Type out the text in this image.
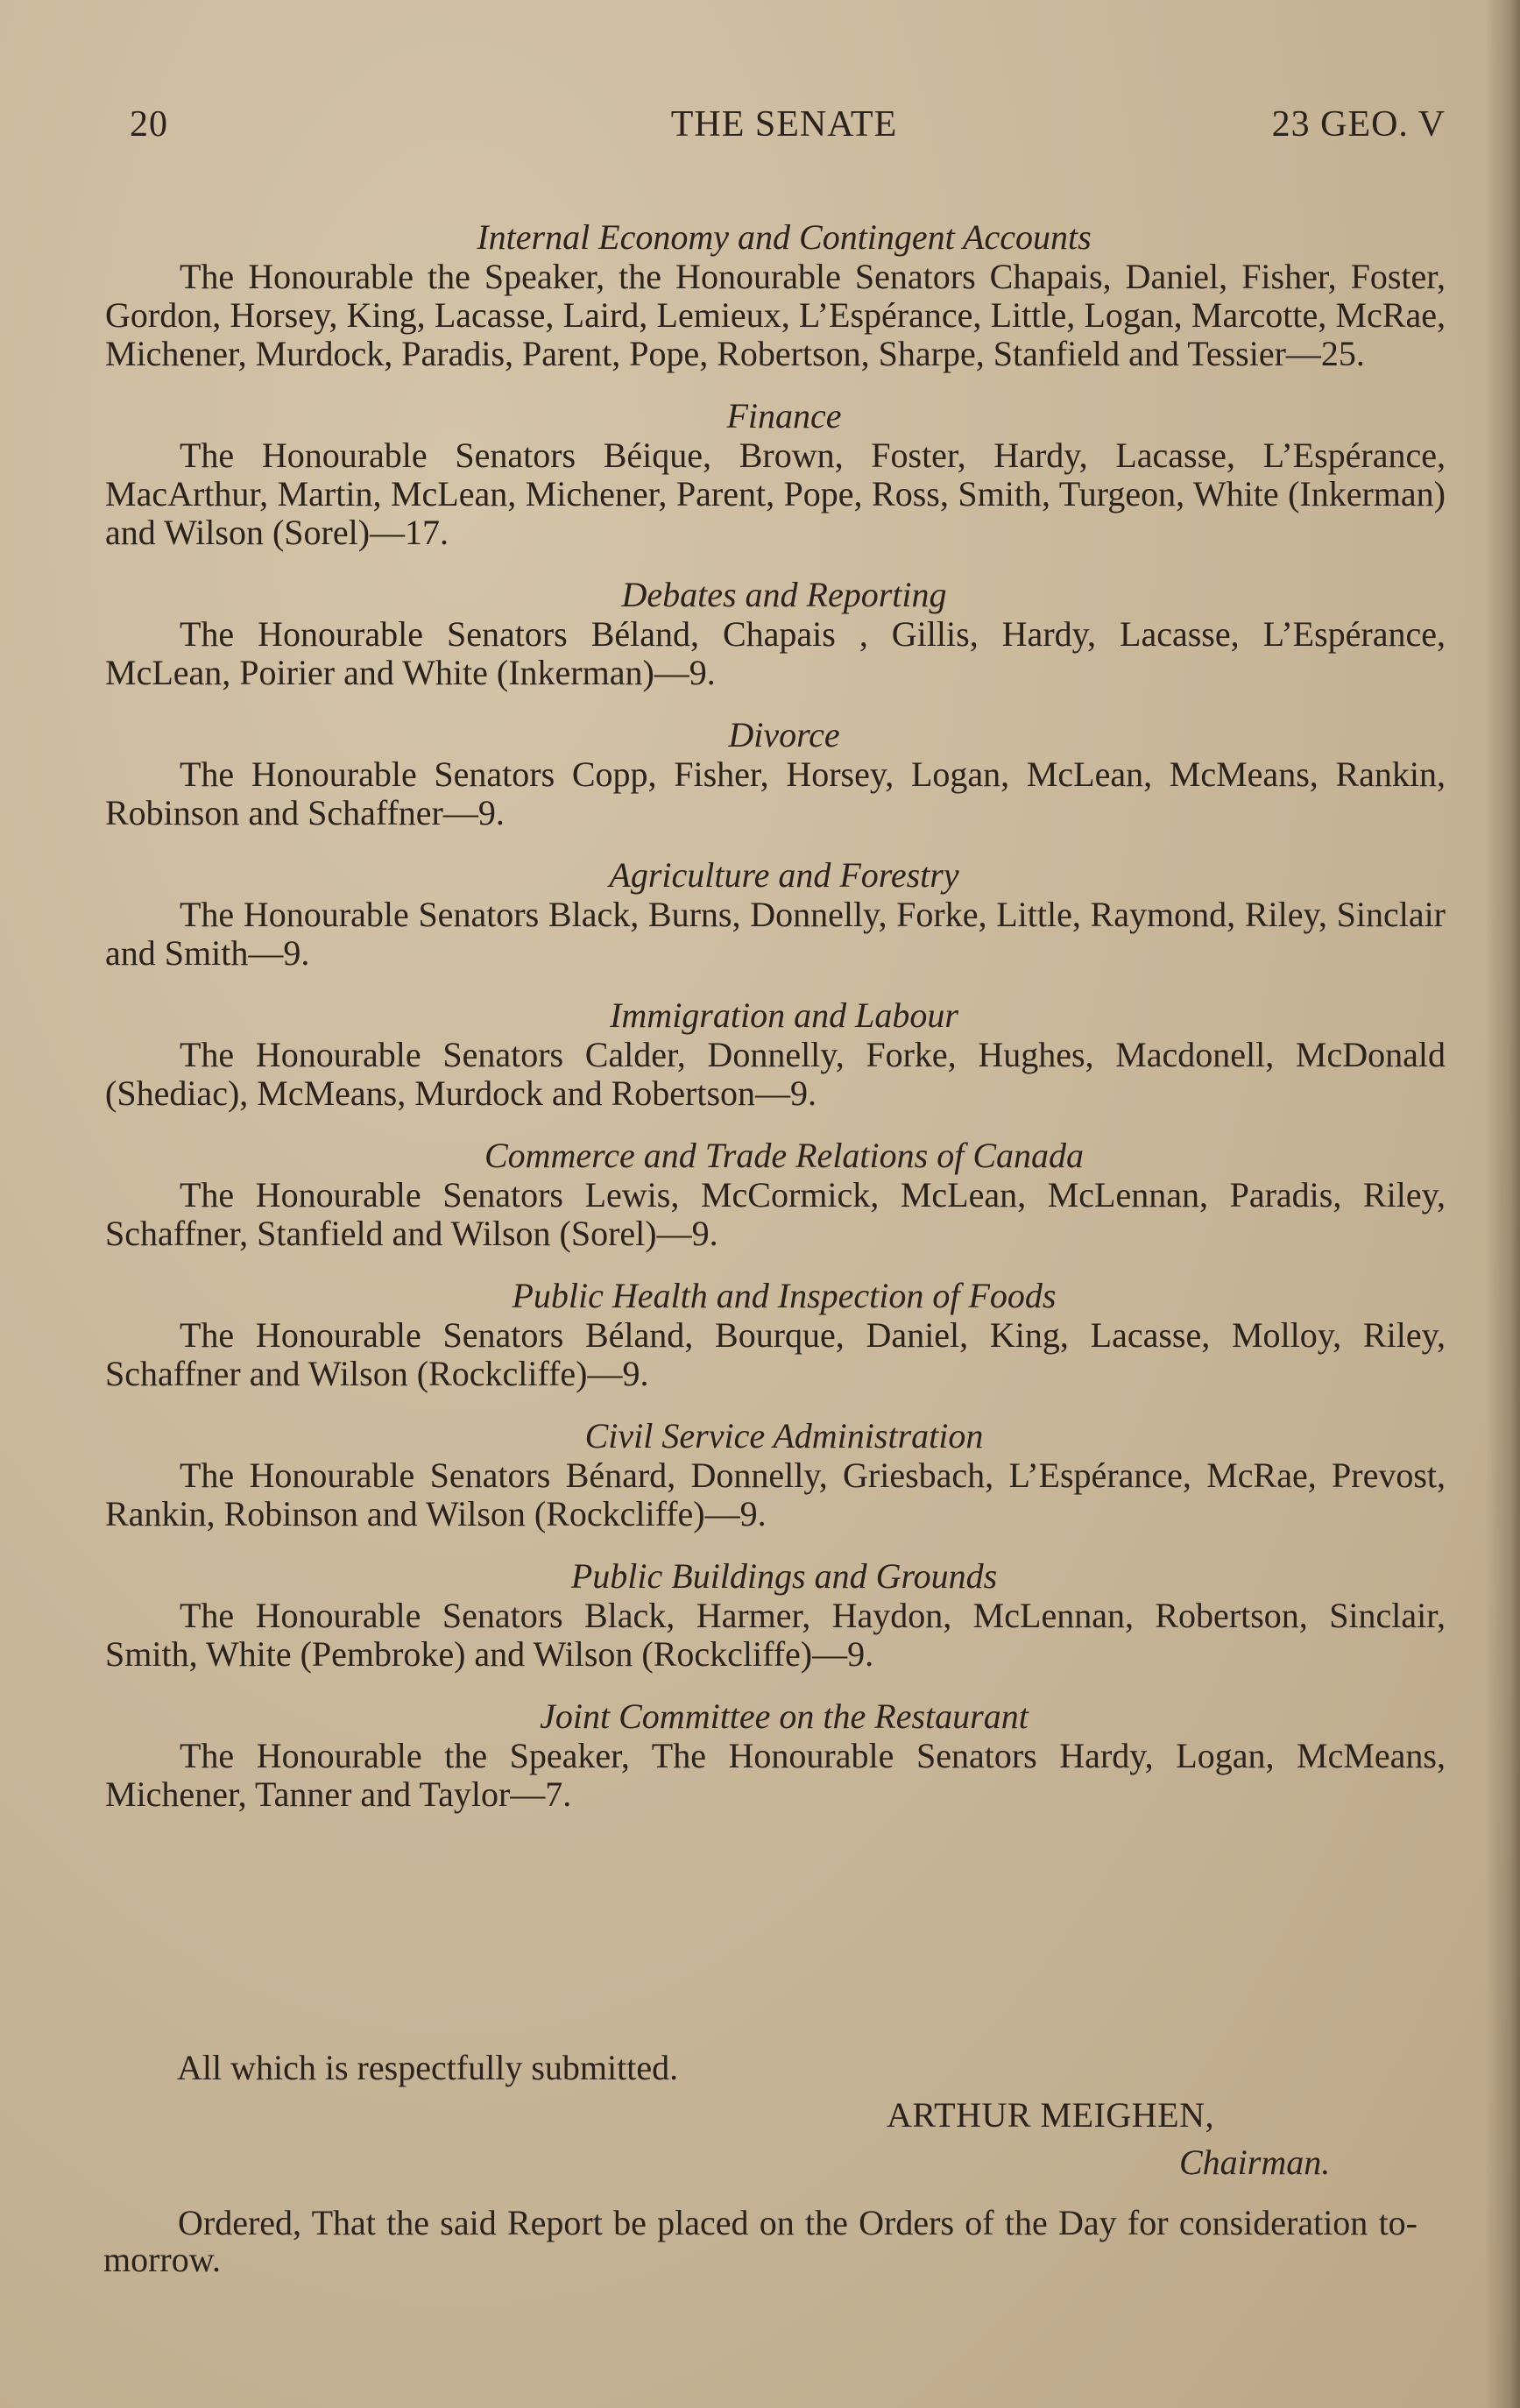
20	THE SENATE	23 GEO. V

Internal Economy and Contingent Accounts

The Honourable the Speaker, the Honourable Senators Chapais, Daniel, Fisher, Foster, Gordon, Horsey, King, Lacasse, Laird, Lemieux, L’Espérance, Little, Logan, Marcotte, McRae, Michener, Murdock, Paradis, Parent, Pope, Robertson, Sharpe, Stanfield and Tessier—25.

Finance

The Honourable Senators Béique, Brown, Foster, Hardy, Lacasse, L’Espérance, MacArthur, Martin, McLean, Michener, Parent, Pope, Ross, Smith, Turgeon, White (Inkerman) and Wilson (Sorel)—17.

Debates and Reporting

The Honourable Senators Béland, Chapais , Gillis, Hardy, Lacasse, L’Espérance, McLean, Poirier and White (Inkerman)—9.

Divorce

The Honourable Senators Copp, Fisher, Horsey, Logan, McLean, McMeans, Rankin, Robinson and Schaffner—9.

Agriculture and Forestry

The Honourable Senators Black, Burns, Donnelly, Forke, Little, Raymond, Riley, Sinclair and Smith—9.

Immigration and Labour

The Honourable Senators Calder, Donnelly, Forke, Hughes, Macdonell, McDonald (Shediac), McMeans, Murdock and Robertson—9.

Commerce and Trade Relations of Canada

The Honourable Senators Lewis, McCormick, McLean, McLennan, Paradis, Riley, Schaffner, Stanfield and Wilson (Sorel)—9.

Public Health and Inspection of Foods

The Honourable Senators Béland, Bourque, Daniel, King, Lacasse, Molloy, Riley, Schaffner and Wilson (Rockcliffe)—9.

Civil Service Administration

The Honourable Senators Bénard, Donnelly, Griesbach, L’Espérance, McRae, Prevost, Rankin, Robinson and Wilson (Rockcliffe)—9.

Public Buildings and Grounds

The Honourable Senators Black, Harmer, Haydon, McLennan, Robertson, Sinclair, Smith, White (Pembroke) and Wilson (Rockcliffe)—9.

Joint Committee on the Restaurant

The Honourable the Speaker, The Honourable Senators Hardy, Logan, McMeans, Michener, Tanner and Taylor—7.

All which is respectfully submitted.
ARTHUR MEIGHEN,
Chairman.

Ordered, That the said Report be placed on the Orders of the Day for consideration to-morrow.
